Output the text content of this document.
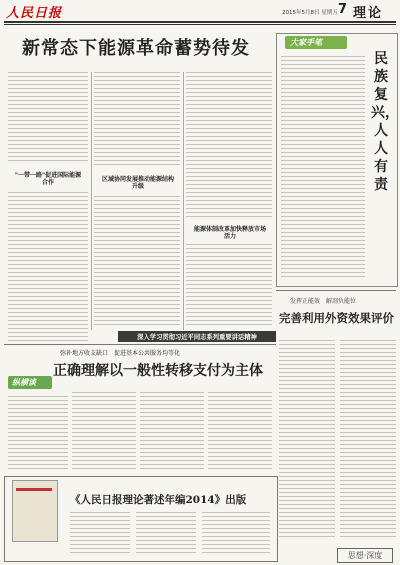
人民日报	2015年5月8日 星期五 7 理论
新常态下能源革命蓄势待发
"一带一路"促进国际能源合作	区域协同发展推动能源结构升级
能源体制改革加快释放市场活力
大家手笔
民族复兴，人人有责
深入学习贯彻习近平同志系列重要讲话精神
发挥正能效　解剖负能位
完善利用外资效果评价
弥补地方收支缺口　促进基本公共服务均等化
正确理解以一般性转移支付为主体
纵横谈
《人民日报理论著述年编2014》出版
思想·深度
